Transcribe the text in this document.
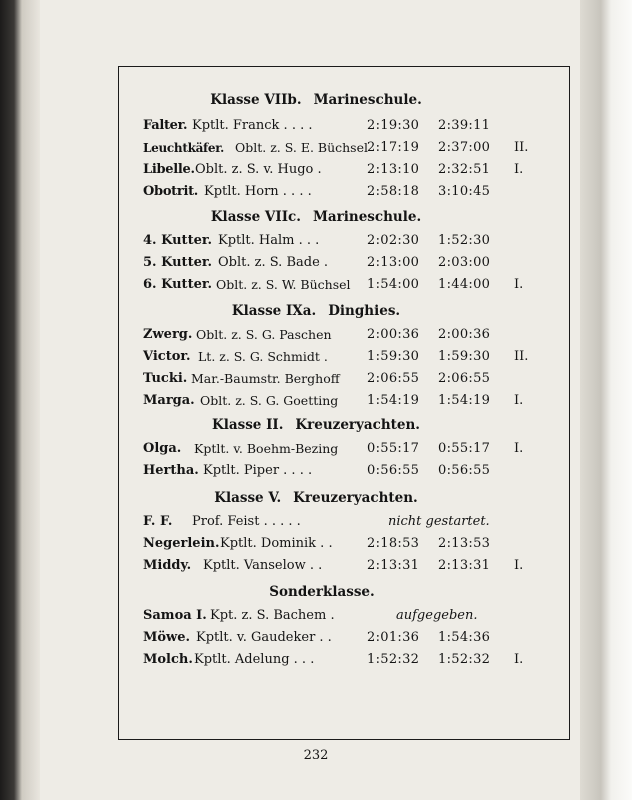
Klasse VIIb. Marineschule.
Falter. Kptlt. Franck . . . .	2:19:30 2:39:11
Leuchtkäfer. Oblt. z. S. E. Büchsel 2:17:19 2:37:00 II.
Libelle. Oblt. z. S. v. Hugo .	2:13:10 2:32:51 I.
Obotrit. Kptlt. Horn . . . .	2:58:18 3:10:45
Klasse VIIc. Marineschule.
4. Kutter. Kptlt. Halm . . .	2:02:30 1:52:30
5. Kutter. Oblt. z. S. Bade .	2:13:00 2:03:00
6. Kutter. Oblt. z. S. W. Büchsel 1:54:00 1:44:00 I.
Klasse IXa. Dinghies.
Zwerg. Oblt. z. S. G. Paschen	2:00:36 2:00:36
Victor. Lt. z. S. G. Schmidt .	1:59:30 1:59:30 II.
Tucki. Mar.-Baumstr. Berghoff 2:06:55 2:06:55
Marga. Oblt. z. S. G. Goetting 1:54:19 1:54:19 I.
Klasse II. Kreuzeryachten.
Olga. Kptlt. v. Boehm-Bezing 0:55:17 0:55:17 I.
Hertha. Kptlt. Piper . . . .	0:56:55 0:56:55
Klasse V. Kreuzeryachten.
F. F. Prof. Feist . . . . .	nicht gestartet.
Negerlein. Kptlt. Dominik . .	2:18:53 2:13:53
Middy. Kptlt. Vanselow . .	2:13:31 2:13:31 I.
Sonderklasse.
Samoa I. Kpt. z. S. Bachem .	aufgegeben.
Möwe. Kptlt. v. Gaudeker . .	2:01:36 1:54:36
Molch. Kptlt. Adelung . . .	1:52:32 1:52:32 I.
232
